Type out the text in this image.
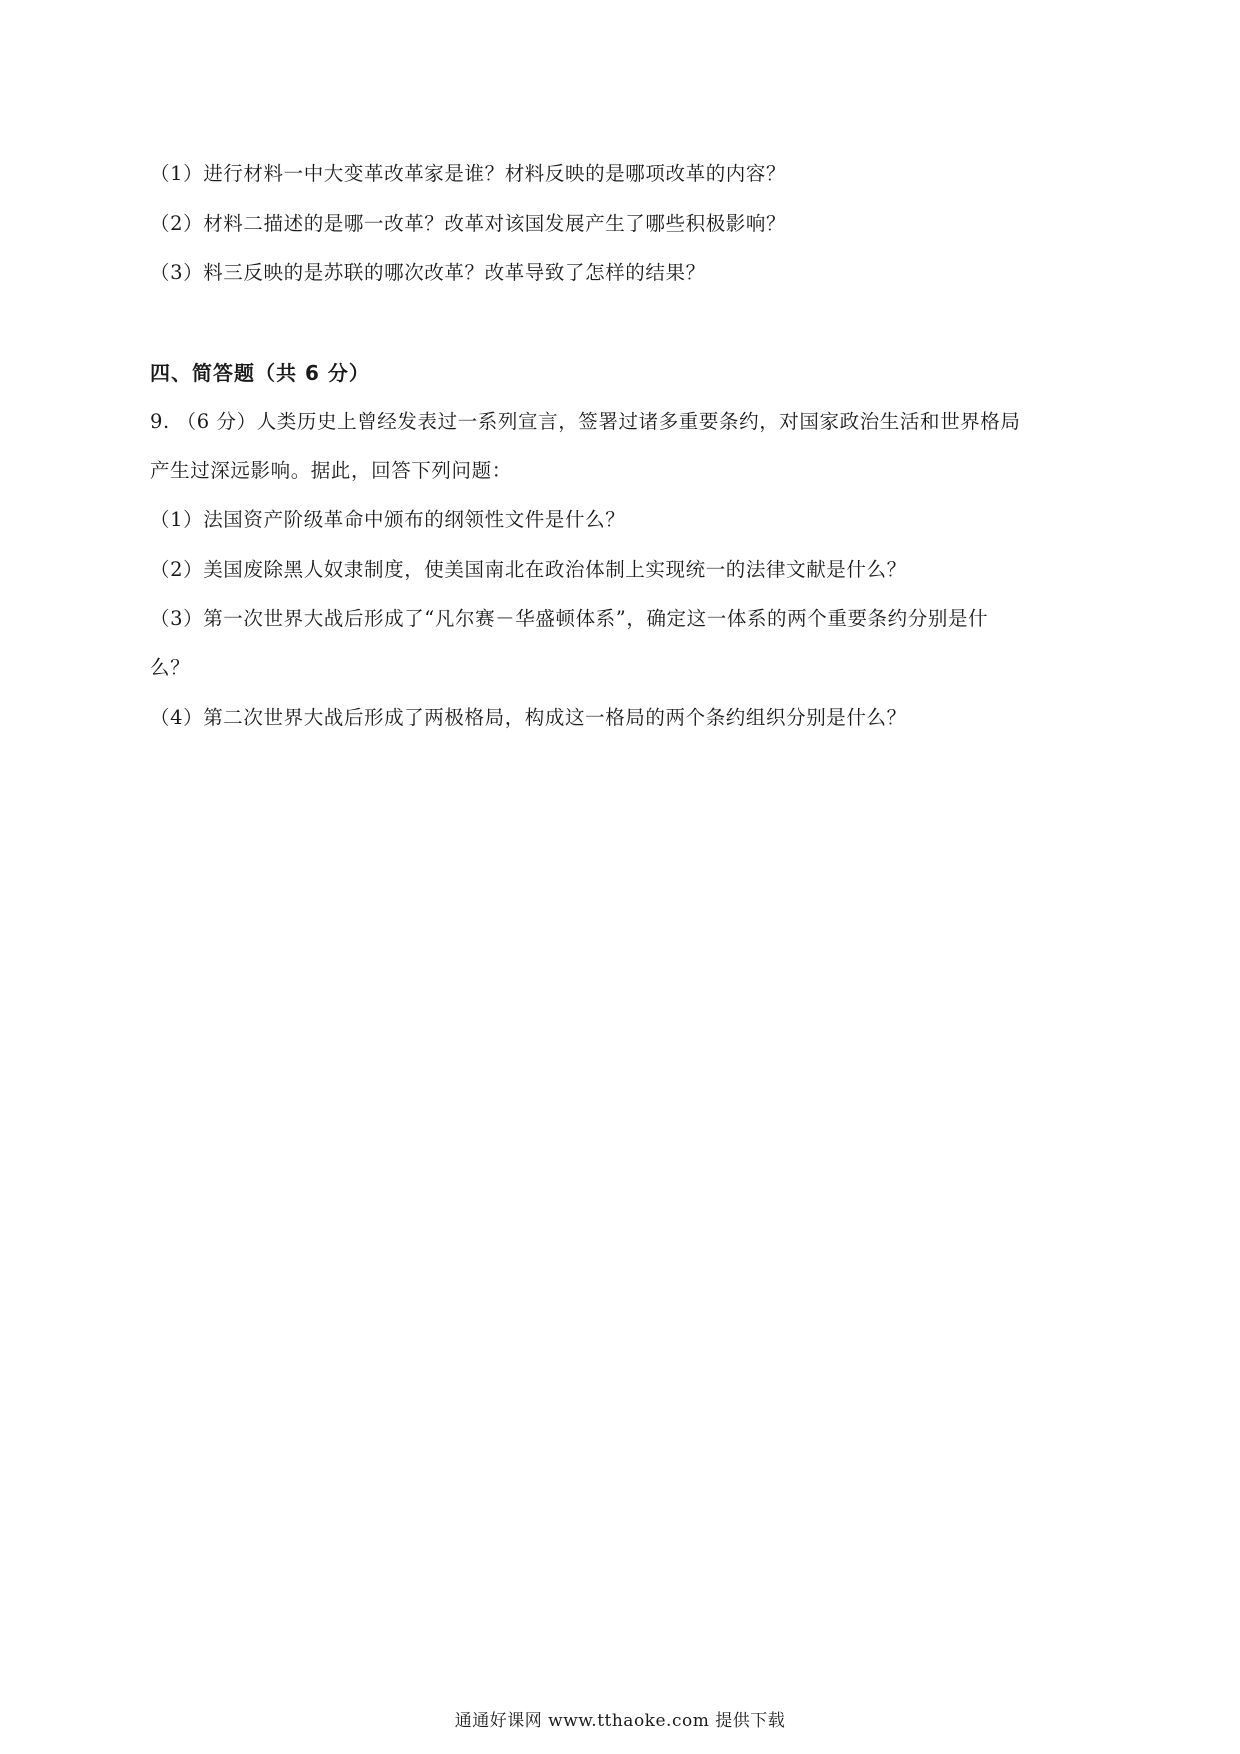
（1）进行材料一中大变革改革家是谁？材料反映的是哪项改革的内容？
（2）材料二描述的是哪一改革？改革对该国发展产生了哪些积极影响？
（3）料三反映的是苏联的哪次改革？改革导致了怎样的结果？
四、简答题（共 6 分）
9. （6 分）人类历史上曾经发表过一系列宣言，签署过诸多重要条约，对国家政治生活和世界格局
产生过深远影响。据此，回答下列问题：
（1）法国资产阶级革命中颁布的纲领性文件是什么？
（2）美国废除黑人奴隶制度，使美国南北在政治体制上实现统一的法律文献是什么？
（3）第一次世界大战后形成了“凡尔赛－华盛顿体系”，确定这一体系的两个重要条约分别是什
么？
（4）第二次世界大战后形成了两极格局，构成这一格局的两个条约组织分别是什么？
通通好课网 www.tthaoke.com 提供下载
